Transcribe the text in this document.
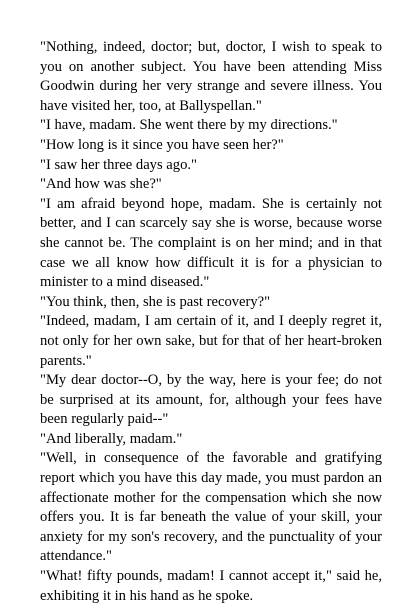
"Nothing, indeed, doctor; but, doctor, I wish to speak to you on another subject. You have been attending Miss Goodwin during her very strange and severe illness. You have visited her, too, at Ballyspellan."

"I have, madam. She went there by my directions."

"How long is it since you have seen her?"

"I saw her three days ago."

"And how was she?"

"I am afraid beyond hope, madam. She is certainly not better, and I can scarcely say she is worse, because worse she cannot be. The complaint is on her mind; and in that case we all know how difficult it is for a physician to minister to a mind diseased."

"You think, then, she is past recovery?"

"Indeed, madam, I am certain of it, and I deeply regret it, not only for her own sake, but for that of her heart-broken parents."

"My dear doctor--O, by the way, here is your fee; do not be surprised at its amount, for, although your fees have been regularly paid--"

"And liberally, madam."

"Well, in consequence of the favorable and gratifying report which you have this day made, you must pardon an affectionate mother for the compensation which she now offers you. It is far beneath the value of your skill, your anxiety for my son's recovery, and the punctuality of your attendance."

"What! fifty pounds, madam! I cannot accept it," said he, exhibiting it in his hand as he spoke.
